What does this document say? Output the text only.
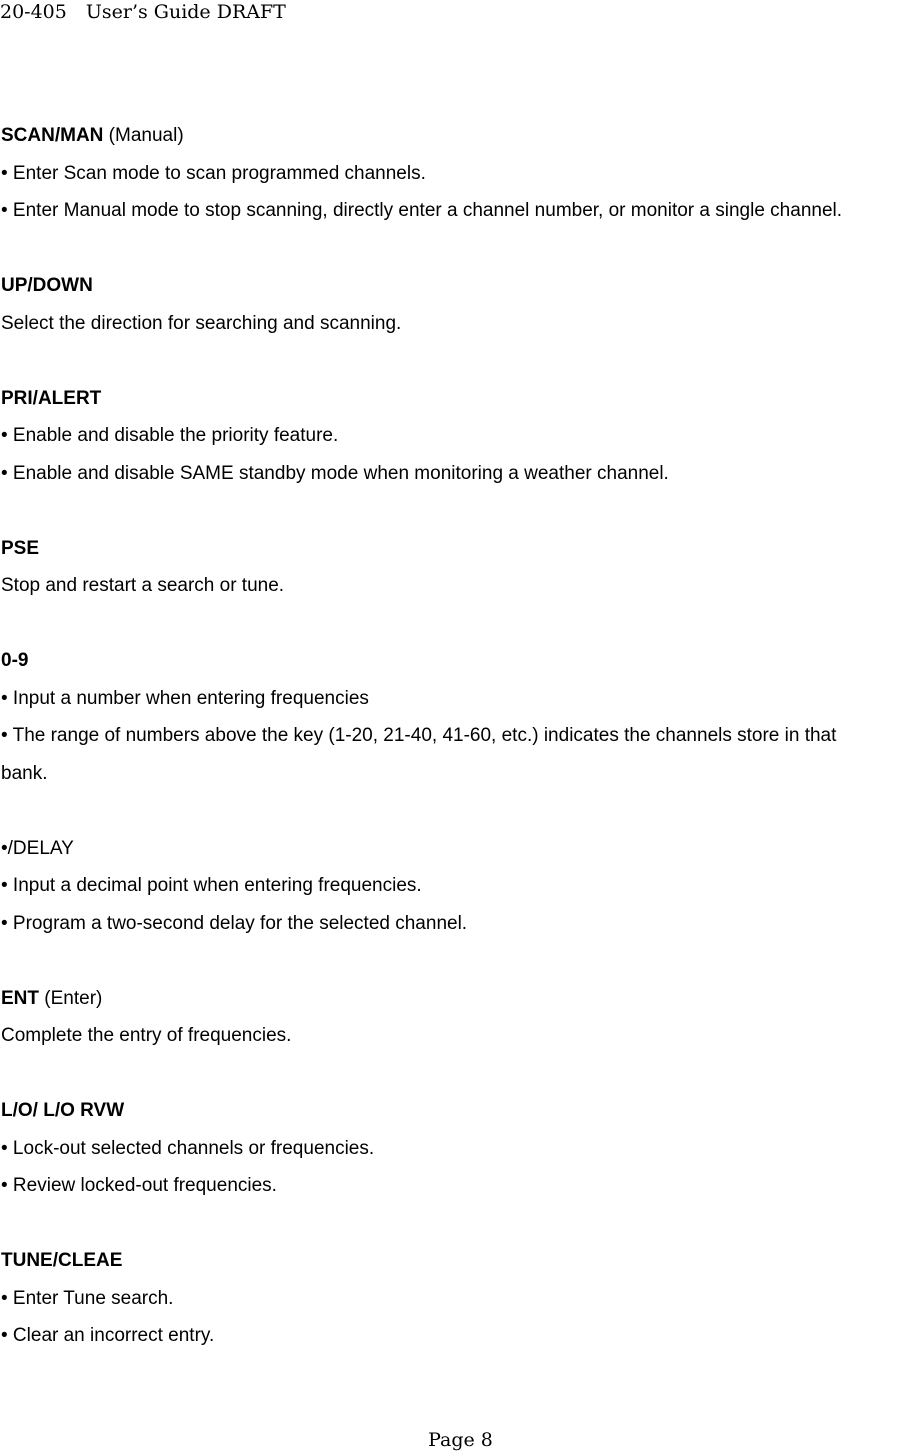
20-405　User’s Guide DRAFT
SCAN/MAN (Manual)
• Enter Scan mode to scan programmed channels.
• Enter Manual mode to stop scanning, directly enter a channel number, or monitor a single channel.
UP/DOWN
Select the direction for searching and scanning.
PRI/ALERT
• Enable and disable the priority feature.
• Enable and disable SAME standby mode when monitoring a weather channel.
PSE
Stop and restart a search or tune.
0-9
• Input a number when entering frequencies
• The range of numbers above the key (1-20, 21-40, 41-60, etc.) indicates the channels store in that
bank.
•/DELAY
• Input a decimal point when entering frequencies.
• Program a two-second delay for the selected channel.
ENT (Enter)
Complete the entry of frequencies.
L/O/ L/O RVW
• Lock-out selected channels or frequencies.
• Review locked-out frequencies.
TUNE/CLEAE
• Enter Tune search.
• Clear an incorrect entry.
Page 8
